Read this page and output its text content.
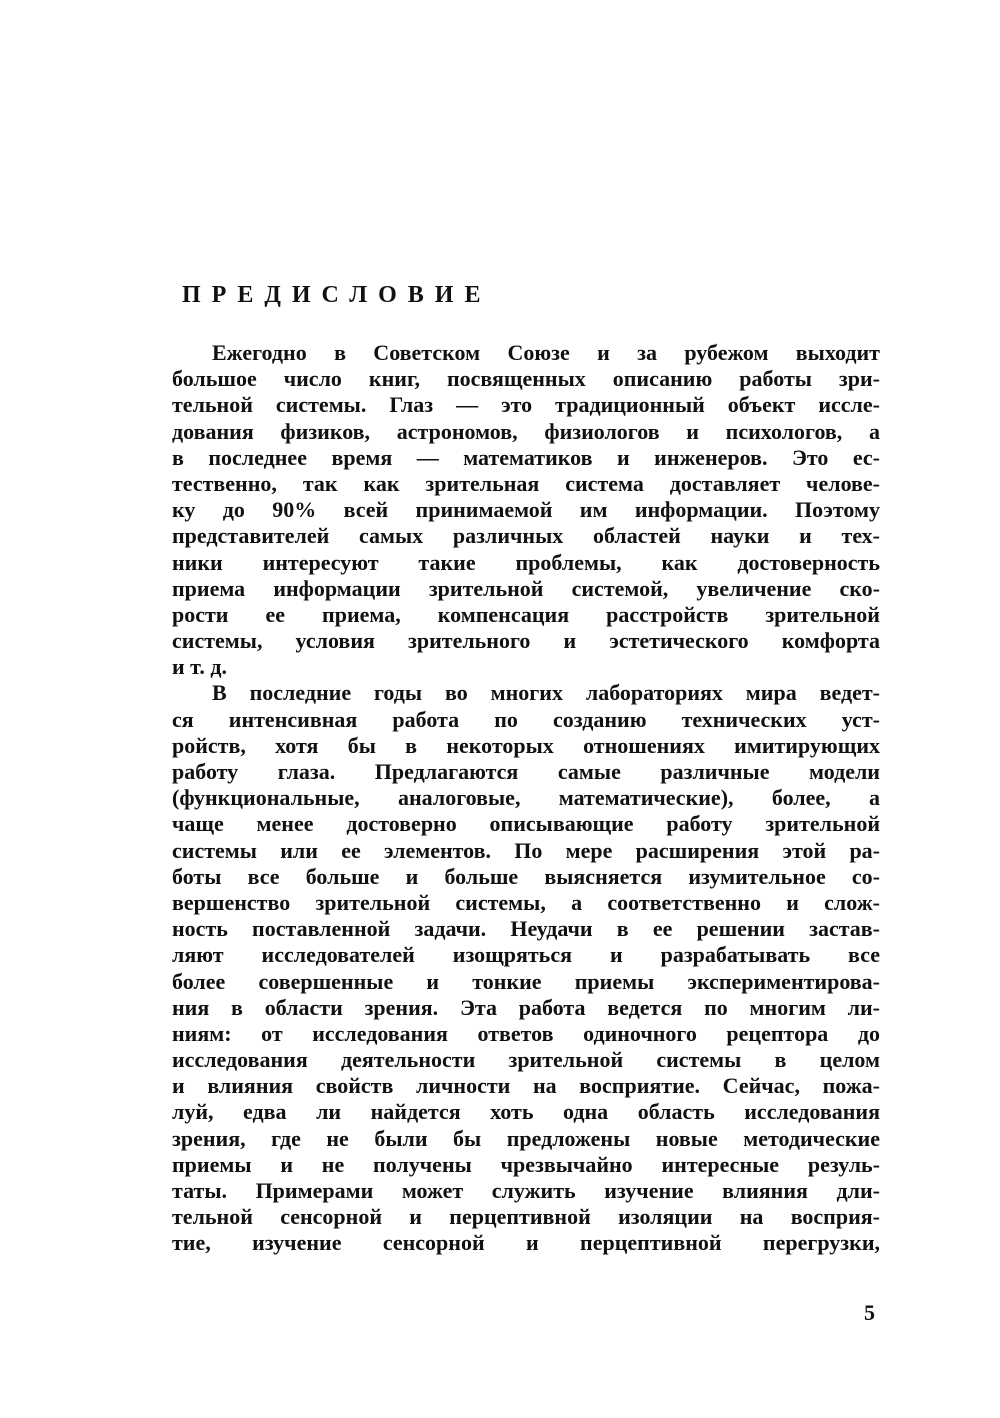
ПРЕДИСЛОВИЕ
Ежегодно в Советском Союзе и за рубежом выходит
большое число книг, посвященных описанию работы зри-
тельной системы. Глаз — это традиционный объект иссле-
дования физиков, астрономов, физиологов и психологов, а
в последнее время — математиков и инженеров. Это ес-
тественно, так как зрительная система доставляет челове-
ку до 90% всей принимаемой им информации. Поэтому
представителей самых различных областей науки и тех-
ники интересуют такие проблемы, как достоверность
приема информации зрительной системой, увеличение ско-
рости ее приема, компенсация расстройств зрительной
системы, условия зрительного и эстетического комфорта
и т. д.
В последние годы во многих лабораториях мира ведет-
ся интенсивная работа по созданию технических уст-
ройств, хотя бы в некоторых отношениях имитирующих
работу глаза. Предлагаются самые различные модели
(функциональные, аналоговые, математические), более, а
чаще менее достоверно описывающие работу зрительной
системы или ее элементов. По мере расширения этой ра-
боты все больше и больше выясняется изумительное со-
вершенство зрительной системы, а соответственно и слож-
ность поставленной задачи. Неудачи в ее решении застав-
ляют исследователей изощряться и разрабатывать все
более совершенные и тонкие приемы экспериментирова-
ния в области зрения. Эта работа ведется по многим ли-
ниям: от исследования ответов одиночного рецептора до
исследования деятельности зрительной системы в целом
и влияния свойств личности на восприятие. Сейчас, пожа-
луй, едва ли найдется хоть одна область исследования
зрения, где не были бы предложены новые методические
приемы и не получены чрезвычайно интересные резуль-
таты. Примерами может служить изучение влияния дли-
тельной сенсорной и перцептивной изоляции на восприя-
тие, изучение сенсорной и перцептивной перегрузки,
5
